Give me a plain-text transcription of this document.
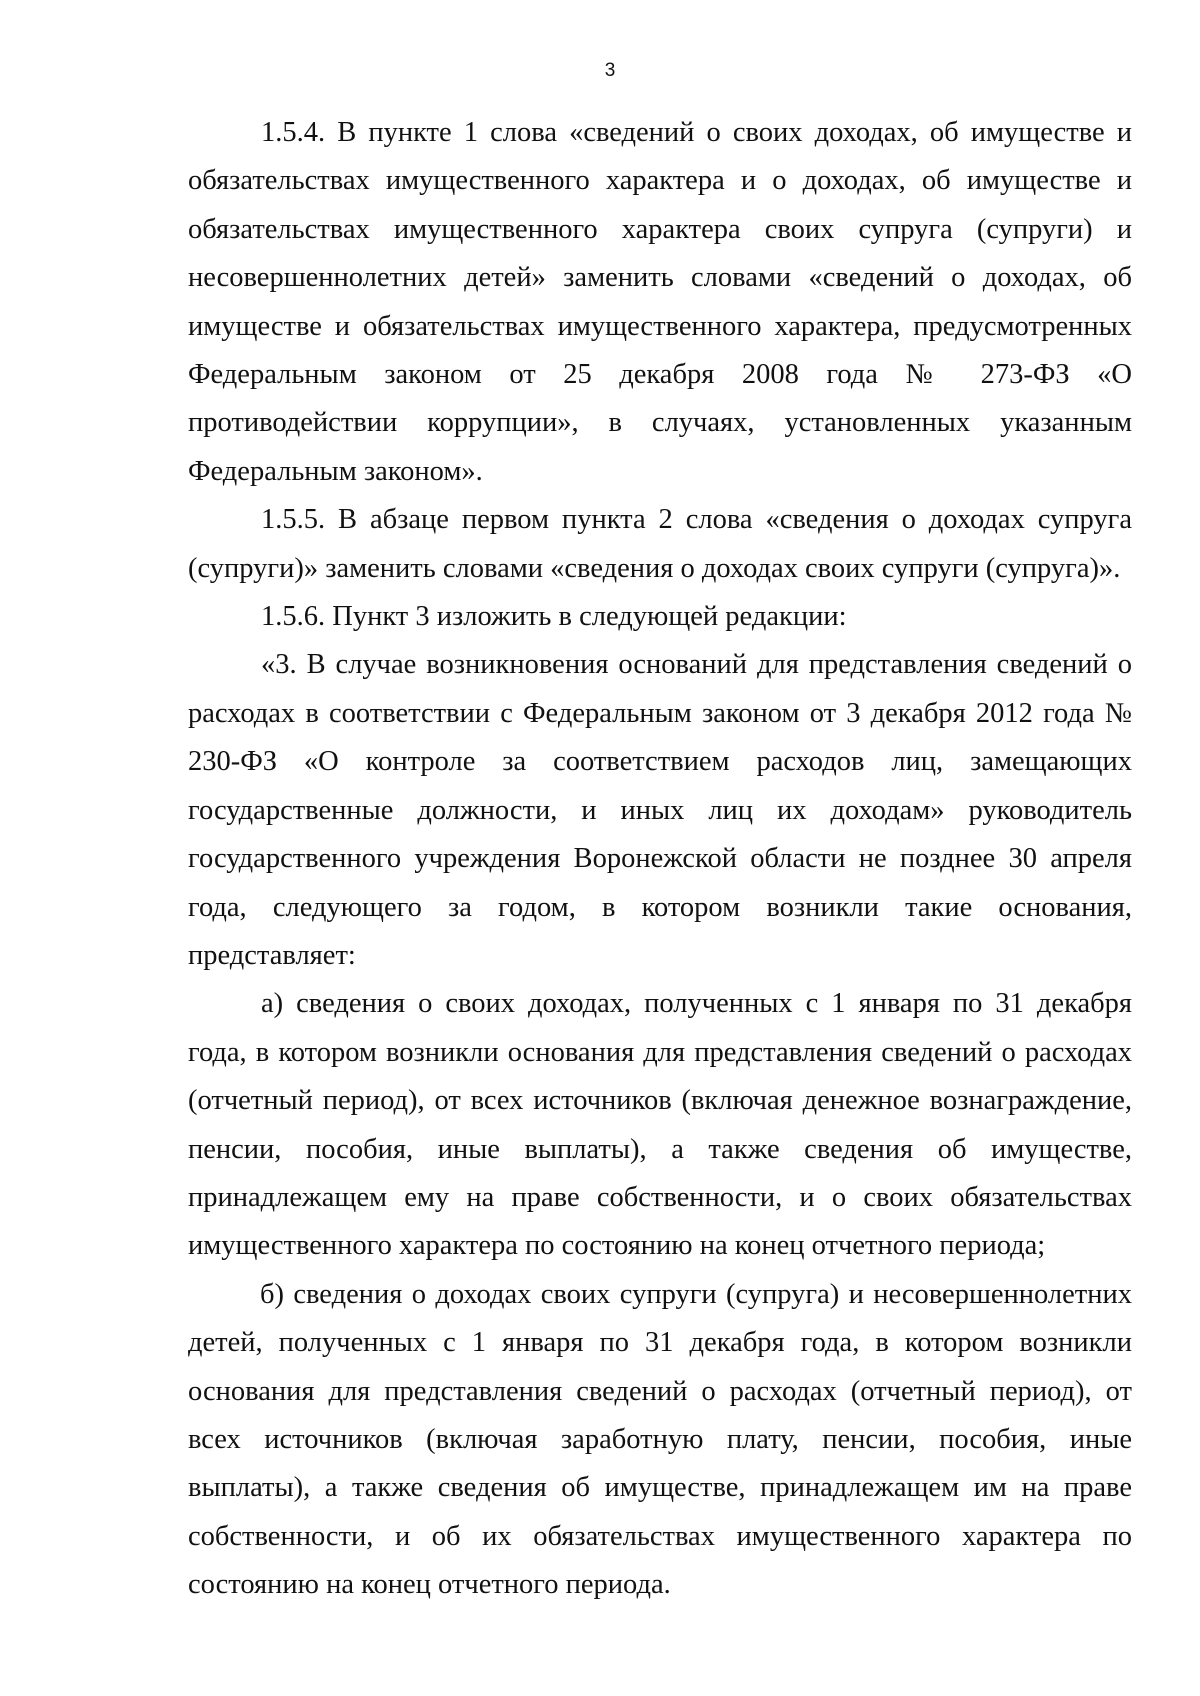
3

1.5.4. В пункте 1 слова «сведений о своих доходах, об имуществе и обязательствах имущественного характера и о доходах, об имуществе и обязательствах имущественного характера своих супруга (супруги) и несовершеннолетних детей» заменить словами «сведений о доходах, об имуществе и обязательствах имущественного характера, предусмотренных Федеральным законом от 25 декабря 2008 года № 273-ФЗ «О противодействии коррупции», в случаях, установленных указанным Федеральным законом».

1.5.5. В абзаце первом пункта 2 слова «сведения о доходах супруга (супруги)» заменить словами «сведения о доходах своих супруги (супруга)».

1.5.6. Пункт 3 изложить в следующей редакции:

«3. В случае возникновения оснований для представления сведений о расходах в соответствии с Федеральным законом от 3 декабря 2012 года № 230-ФЗ «О контроле за соответствием расходов лиц, замещающих государственные должности, и иных лиц их доходам» руководитель государственного учреждения Воронежской области не позднее 30 апреля года, следующего за годом, в котором возникли такие основания, представляет:

а) сведения о своих доходах, полученных с 1 января по 31 декабря года, в котором возникли основания для представления сведений о расходах (отчетный период), от всех источников (включая денежное вознаграждение, пенсии, пособия, иные выплаты), а также сведения об имуществе, принадлежащем ему на праве собственности, и о своих обязательствах имущественного характера по состоянию на конец отчетного периода;

б) сведения о доходах своих супруги (супруга) и несовершеннолетних детей, полученных с 1 января по 31 декабря года, в котором возникли основания для представления сведений о расходах (отчетный период), от всех источников (включая заработную плату, пенсии, пособия, иные выплаты), а также сведения об имуществе, принадлежащем им на праве собственности, и об их обязательствах имущественного характера по состоянию на конец отчетного периода.
